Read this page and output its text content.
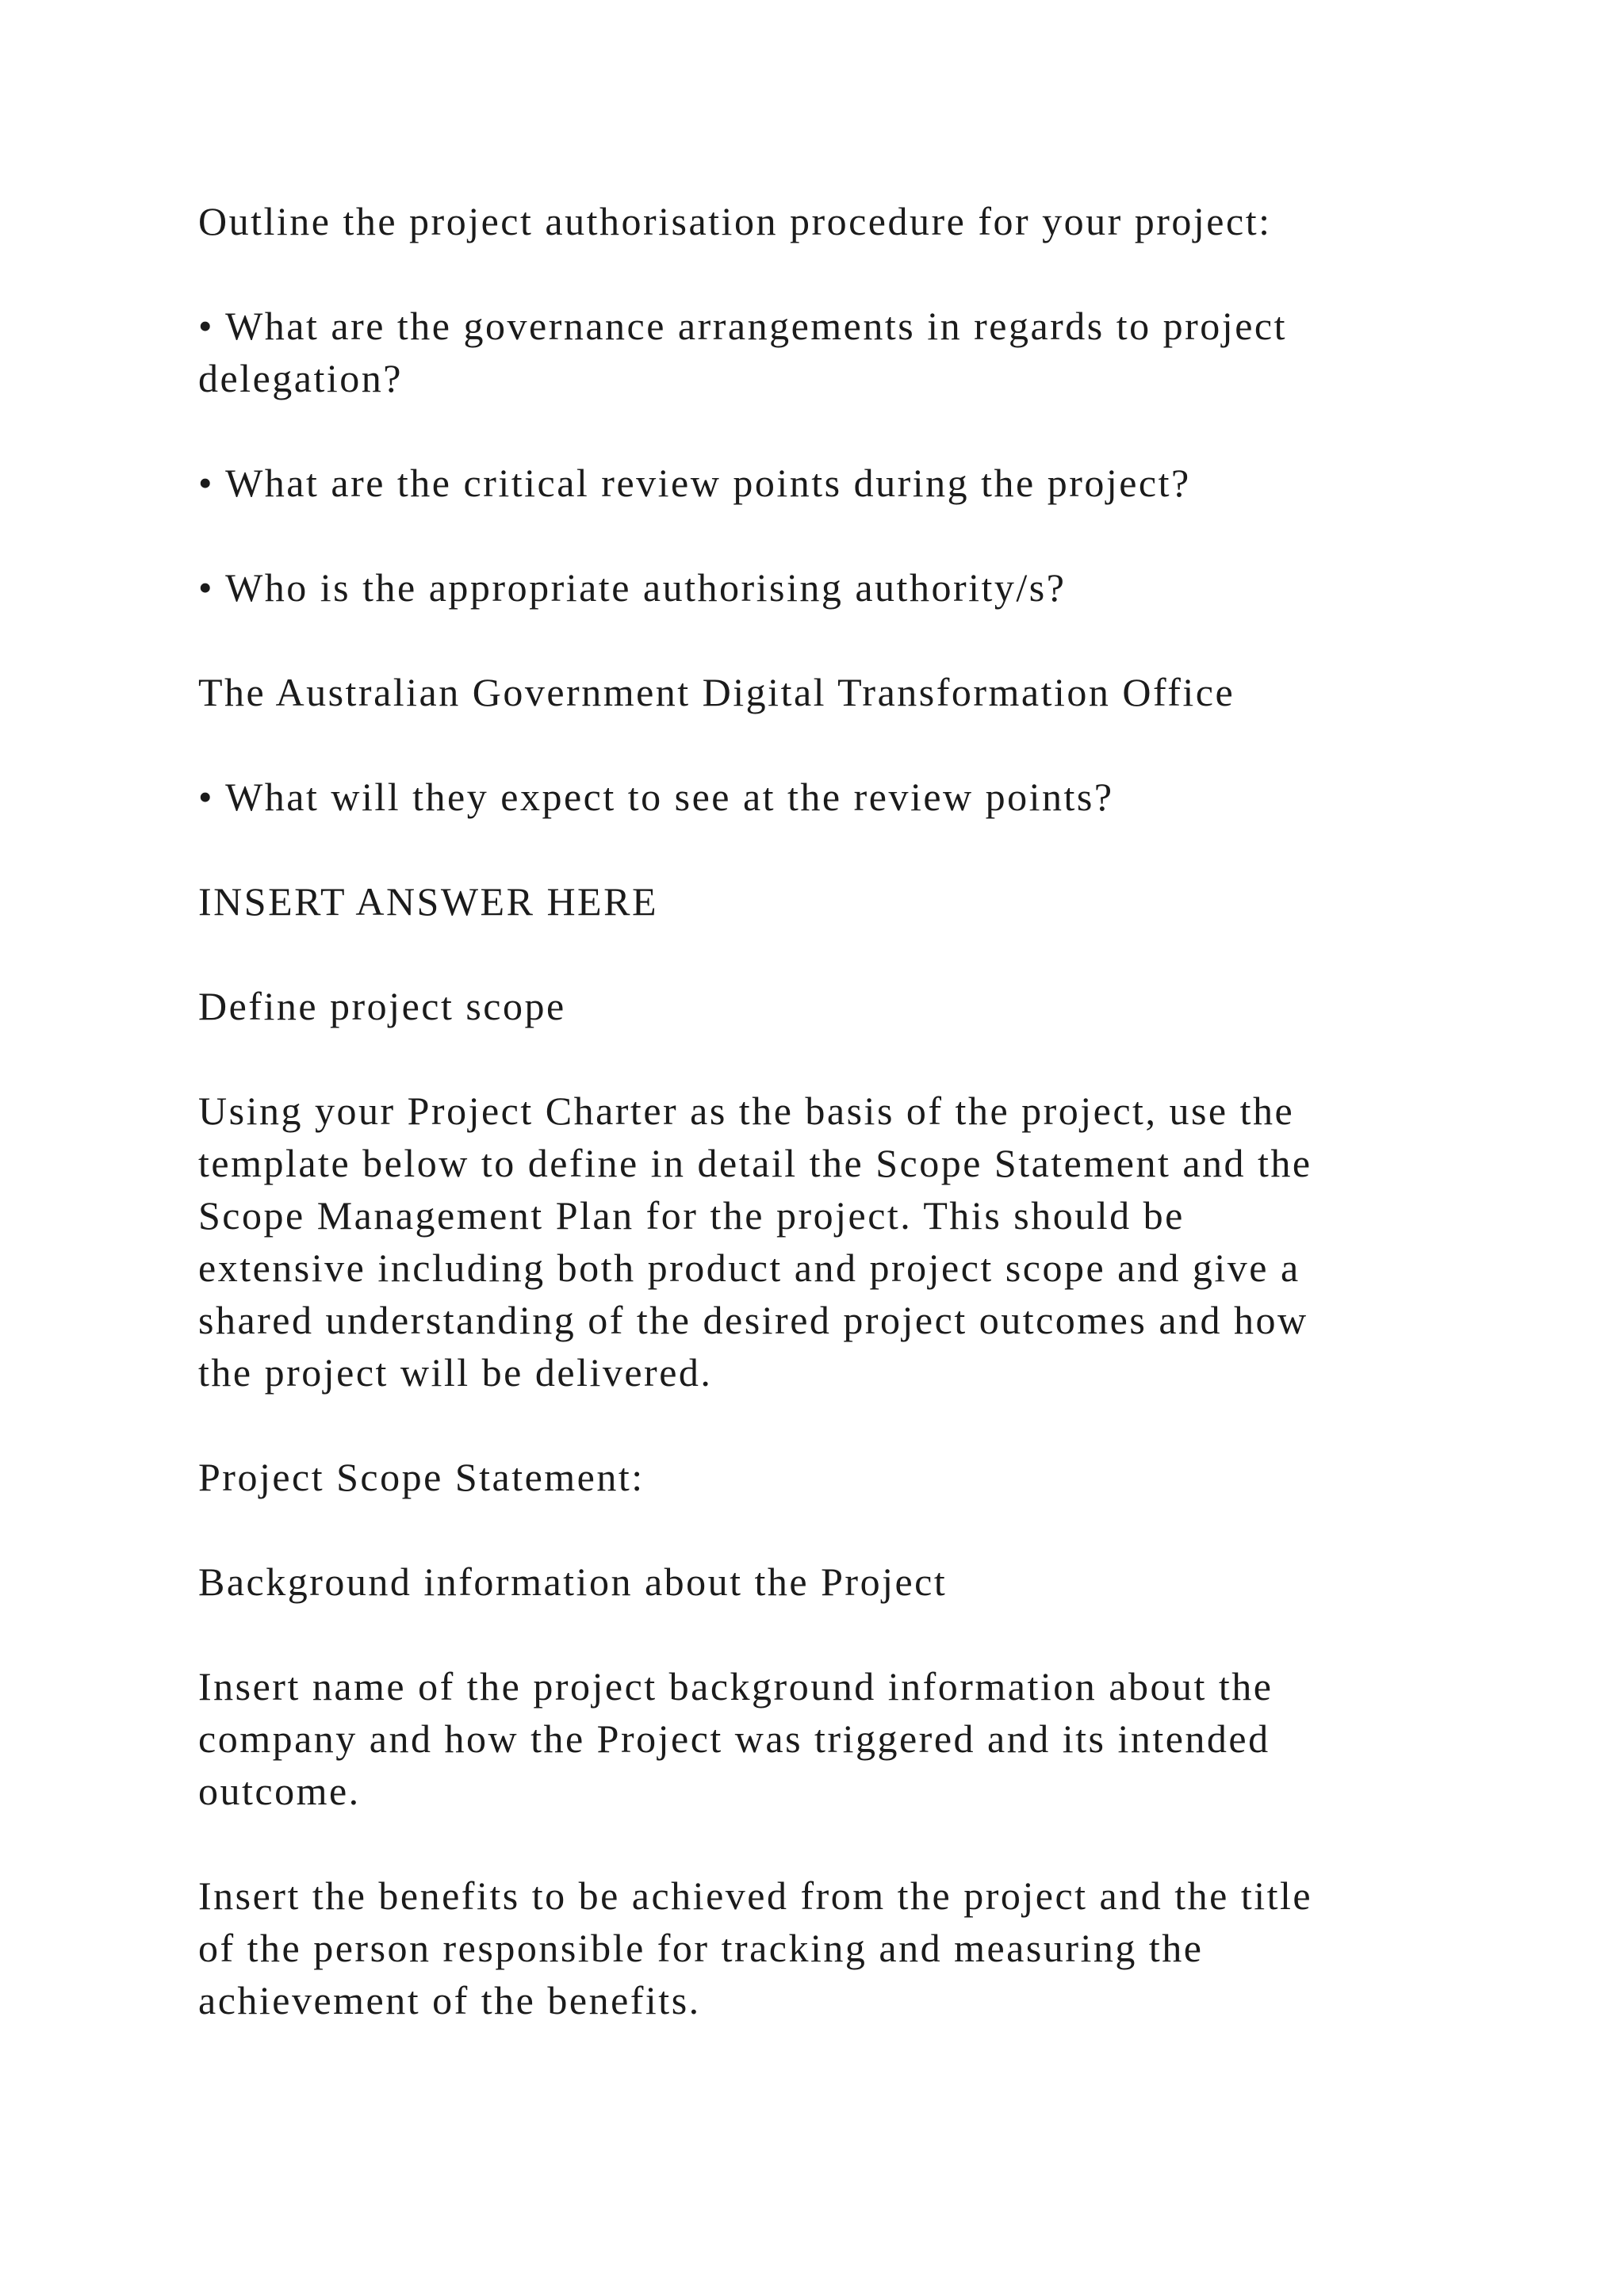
Outline the project authorisation procedure for your project:

• What are the governance arrangements in regards to project

delegation?

• What are the critical review points during the project?

• Who is the appropriate authorising authority/s?

The Australian Government Digital Transformation Office

• What will they expect to see at the review points?

INSERT ANSWER HERE

Define project scope

Using your Project Charter as the basis of the project, use the

template below to define in detail the Scope Statement and the

Scope Management Plan for the project. This should be

extensive including both product and project scope and give a

shared understanding of the desired project outcomes and how

the project will be delivered.

Project Scope Statement:

Background information about the Project

Insert name of the project background information about the

company and how the Project was triggered and its intended

outcome.

Insert the benefits to be achieved from the project and the title

of the person responsible for tracking and measuring the

achievement of the benefits.
